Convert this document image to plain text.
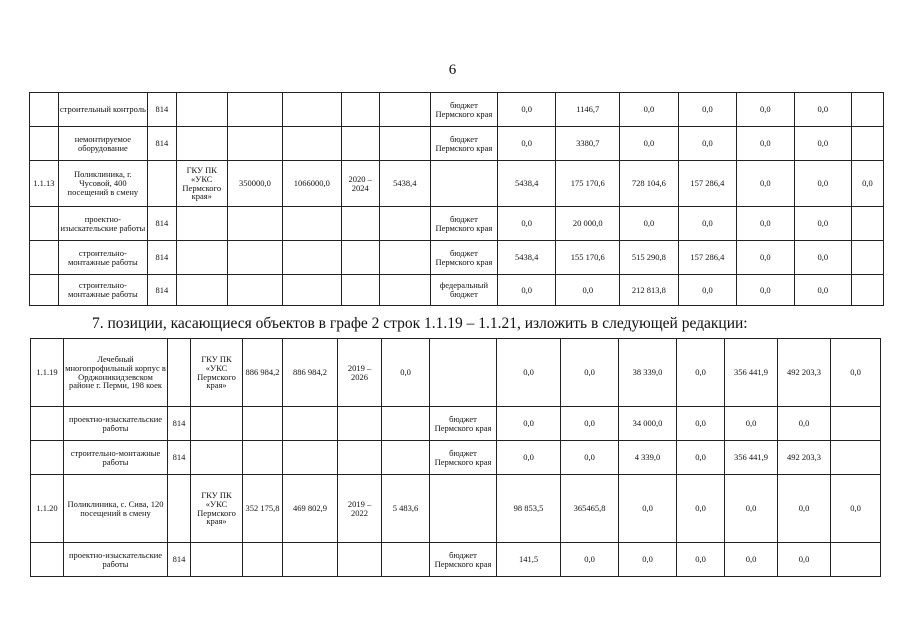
6
	строительный контроль	814						бюджет Пермского края	0,0	1146,7	0,0	0,0	0,0	0,0	
	немонтируемое оборудование	814						бюджет Пермского края	0,0	3380,7	0,0	0,0	0,0	0,0	
1.1.13	Поликлиника, г. Чусовой, 400 посещений в смену		ГКУ ПК «УКС Пермского края»	350000,0	1066000,0	2020 – 2024	5438,4		5438,4	175 170,6	728 104,6	157 286,4	0,0	0,0	0,0
	проектно-изыскательские работы	814						бюджет Пермского края	0,0	20 000,0	0,0	0,0	0,0	0,0	
	строительно-монтажные работы	814						бюджет Пермского края	5438,4	155 170,6	515 290,8	157 286,4	0,0	0,0	
	строительно-монтажные работы	814						федеральный бюджет	0,0	0,0	212 813,8	0,0	0,0	0,0	
7. позиции, касающиеся объектов в графе 2 строк 1.1.19 – 1.1.21, изложить в следующей редакции:
1.1.19	Лечебный многопрофильный корпус в Орджоникидзевском районе г. Перми, 198 коек		ГКУ ПК «УКС Пермского края»	886 984,2	886 984,2	2019 – 2026	0,0		0,0	0,0	38 339,0	0,0	356 441,9	492 203,3	0,0
	проектно-изыскательские работы	814						бюджет Пермского края	0,0	0,0	34 000,0	0,0	0,0	0,0	
	строительно-монтажные работы	814						бюджет Пермского края	0,0	0,0	4 339,0	0,0	356 441,9	492 203,3	
1.1.20	Поликлиника, с. Сива, 120 посещений в смену		ГКУ ПК «УКС Пермского края»	352 175,8	469 802,9	2019 – 2022	5 483,6		98 853,5	365465,8	0,0	0,0	0,0	0,0	0,0
	проектно-изыскательские работы	814						бюджет Пермского края	141,5	0,0	0,0	0,0	0,0	0,0	
